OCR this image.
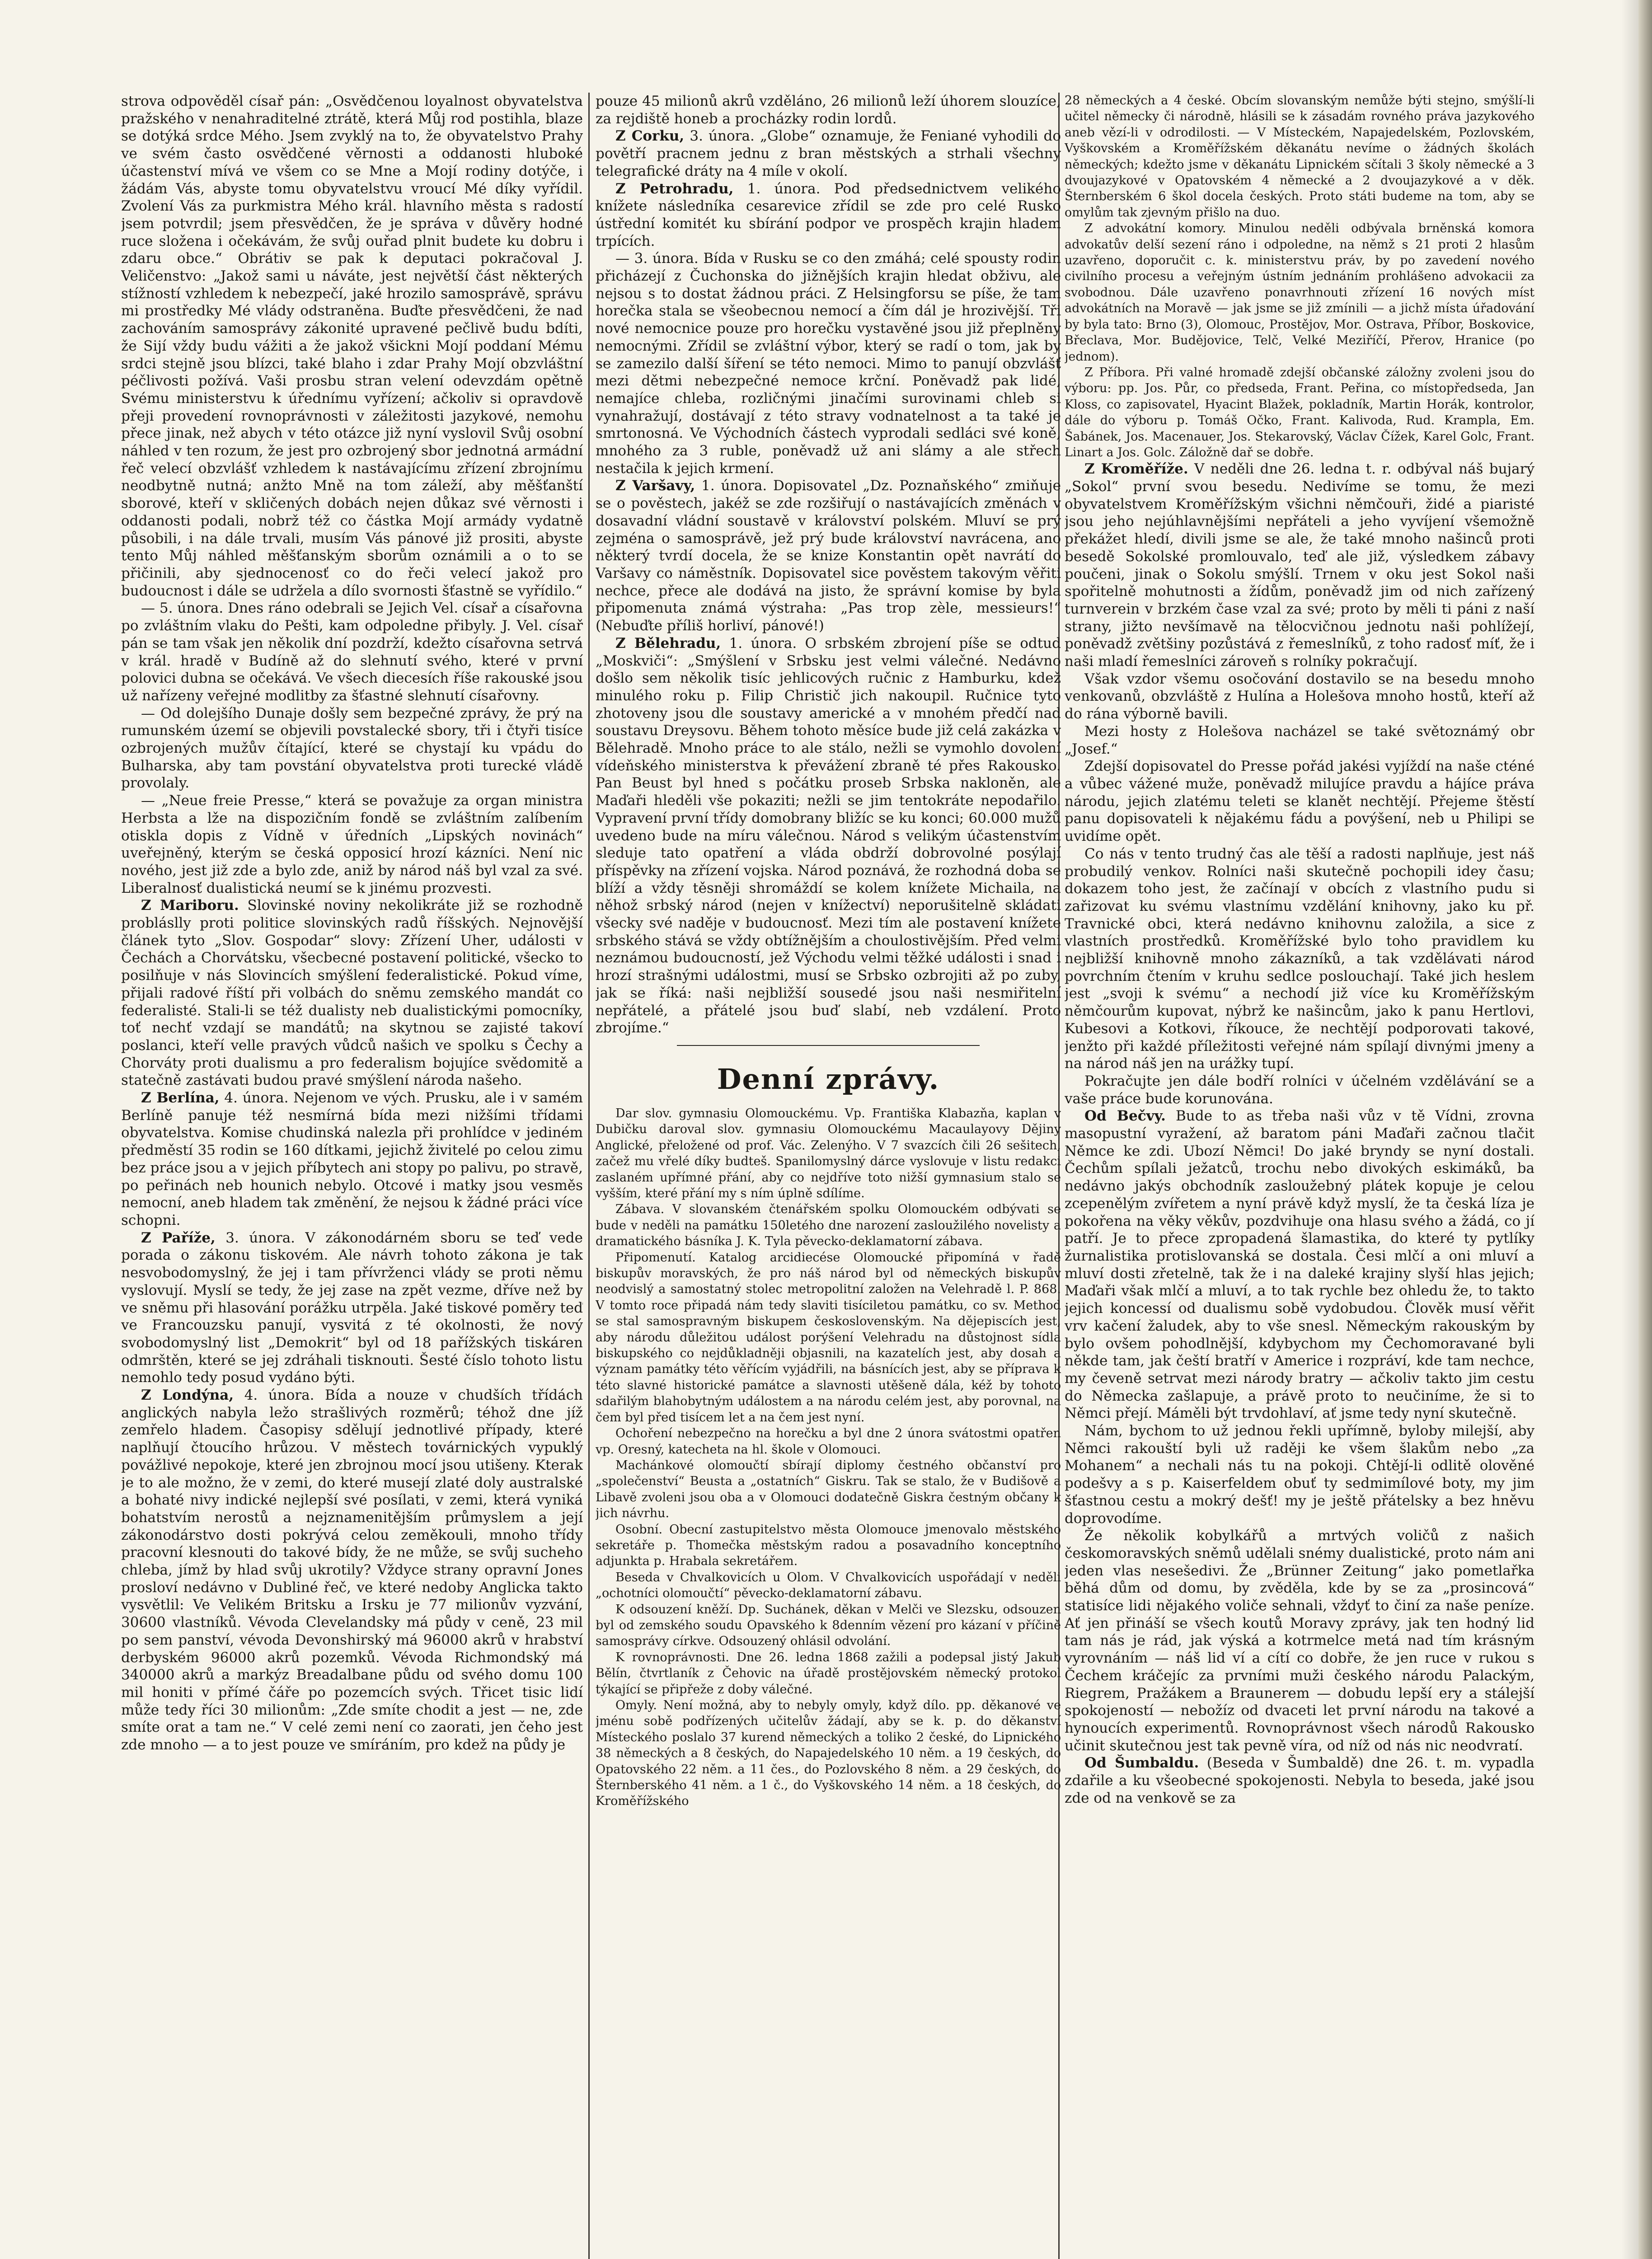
strova odpověděl císař pán: „Osvědčenou loyalnost obyvatelstva pražského v nenahraditelné ztrátě, která Můj rod postihla, blaze se dotýká srdce Mého. Jsem zvyklý na to, že obyvatelstvo Prahy ve svém často osvědčené věrnosti a oddanosti hluboké účastenství mívá ve všem co se Mne a Mojí rodiny dotýče, i žádám Vás, abyste tomu obyvatelstvu vroucí Mé díky vyřídil. Zvolení Vás za purkmistra Mého král. hlavního města s radostí jsem potvrdil; jsem přesvědčen, že je správa v důvěry hodné ruce složena i očekávám, že svůj ouřad plnit budete ku dobru i zdaru obce.“ Obrátiv se pak k deputaci pokračoval J. Veličenstvo: „Jakož sami u náváte, jest největší část některých stížností vzhledem k nebezpečí, jaké hrozilo samosprávě, správu mi prostředky Mé vlády odstraněna. Buďte přesvědčeni, že nad zachováním samosprávy zákonité upravené pečlivě budu bdíti, že Sijí vždy budu vážiti a že jakož všickni Mojí poddaní Mému srdci stejně jsou blízci, také blaho i zdar Prahy Mojí obzvláštní péčlivosti požívá. Vaši prosbu stran velení odevzdám opětně Svému ministerstvu k úřednímu vyřízení; ačkoliv si opravdově přeji provedení rovnoprávnosti v záležitosti jazykové, nemohu přece jinak, než abych v této otázce již nyní vyslovil Svůj osobní náhled v ten rozum, že jest pro ozbrojený sbor jednotná armádní řeč velecí obzvlášť vzhledem k nastávajícímu zřízení zbrojnímu neodbytně nutná; anžto Mně na tom záleží, aby měšťanští sborové, kteří v skličených dobách nejen důkaz své věrnosti i oddanosti podali, nobrž též co částka Mojí armády vydatně působili, i na dále trvali, musím Vás pánové již prositi, abyste tento Můj náhled měšťanským sborům oznámili a o to se přičinili, aby sjednocenosť co do řeči velecí jakož pro budoucnost i dále se udržela a dílo svornosti šťastně se vyřídilo.“

— 5. února. Dnes ráno odebrali se Jejich Vel. císař a císařovna po zvláštním vlaku do Pešti, kam odpoledne přibyly. J. Vel. císař pán se tam však jen několik dní pozdrží, kdežto císařovna setrvá v král. hradě v Budíně až do slehnutí svého, které v první polovici dubna se očekává. Ve všech diecesích říše rakouské jsou už nařízeny veřejné modlitby za šťastné slehnutí císařovny.

— Od dolejšího Dunaje došly sem bezpečné zprávy, že prý na rumunském území se objevili povstalecké sbory, tři i čtyři tisíce ozbrojených mužův čítající, které se chystají ku vpádu do Bulharska, aby tam povstání obyvatelstva proti turecké vládě provolaly.

— „Neue freie Presse,“ která se považuje za organ ministra Herbsta a lže na dispozičním fondě se zvláštním zalíbením otiskla dopis z Vídně v úředních „Lipských novinách“ uveřejněný, kterým se česká opposicí hrozí kázníci. Není nic nového, jest již zde a bylo zde, aniž by národ náš byl vzal za své. Liberalnosť dualistická neumí se k jinému prozvesti.

Z Mariboru. Slovinské noviny nekolikráte již se rozhodně probláslly proti politice slovinských radů říšských. Nejnovější článek tyto „Slov. Gospodar“ slovy: Zřízení Uher, události v Čechách a Chorvátsku, všecbecné postavení politické, všecko to posilňuje v nás Slovincích smýšlení federalistické. Pokud víme, přijali radové říští při volbách do sněmu zemského mandát co federalisté. Stali-li se též dualisty neb dualistickými pomocníky, toť nechť vzdají se mandátů; na skytnou se zajisté takoví poslanci, kteří velle pravých vůdců našich ve spolku s Čechy a Chorváty proti dualismu a pro federalism bojujíce svědomitě a statečně zastávati budou pravé smýšlení národa našeho.

Z Berlína, 4. února. Nejenom ve vých. Prusku, ale i v samém Berlíně panuje též nesmírná bída mezi nižšími třídami obyvatelstva. Komise chudinská nalezla při prohlídce v jediném předměstí 35 rodin se 160 dítkami, jejichž živitelé po celou zimu bez práce jsou a v jejich příbytech ani stopy po palivu, po stravě, po peřinách neb hounich nebylo. Otcové i matky jsou vesměs nemocní, aneb hladem tak změnění, že nejsou k žádné práci více schopni.

Z Paříže, 3. února. V zákonodárném sboru se teď vede porada o zákonu tiskovém. Ale návrh tohoto zákona je tak nesvobodomyslný, že jej i tam přívrženci vlády se proti němu vyslovují. Myslí se tedy, že jej zase na zpět vezme, dříve než by ve sněmu při hlasování porážku utrpěla. Jaké tiskové poměry teď ve Francouzsku panují, vysvitá z té okolnosti, že nový svobodomyslný list „Demokrit“ byl od 18 pařížských tiskáren odmrštěn, které se jej zdráhali tisknouti. Šesté číslo tohoto listu nemohlo tedy posud vydáno býti.

Z Londýna, 4. února. Bída a nouze v chudších třídách anglických nabyla ležo strašlivých rozměrů; téhož dne jíž zemřelo hladem. Časopisy sdělují jednotlivé případy, které naplňují čtoucího hrůzou. V městech továrnických vypuklý povážlivé nepokoje, které jen zbrojnou mocí jsou utišeny. Kterak je to ale možno, že v zemi, do které musejí zlaté doly australské a bohaté nivy indické nejlepší své posílati, v zemi, která vyniká bohatstvím nerostů a nejznamenitějším průmyslem a její zákonodárstvo dosti pokrývá celou zeměkouli, mnoho třídy pracovní klesnouti do takové bídy, že ne může, se svůj sucheho chleba, jímž by hlad svůj ukrotily? Vždyce strany opravní Jones prosloví nedávno v Dubliné řeč, ve které nedoby Anglicka takto vysvětlil: Ve Velikém Britsku a Irsku je 77 milionův vyzvání, 30600 vlastníků. Vévoda Clevelandsky má půdy v ceně, 23 mil po sem panství, vévoda Devonshirský má 96000 akrů v hrabství derbyském 96000 akrů pozemků. Vévoda Richmondský má 340000 akrů a markýz Breadalbane půdu od svého domu 100 mil honiti v přímé čáře po pozemcích svých. Třicet tisic lidí může tedy říci 30 milionům: „Zde smíte chodit a jest — ne, zde smíte orat a tam ne.“ V celé zemi není co zaorati, jen čeho jest zde mnoho — a to jest pouze ve smíráním, pro kdež na půdy je

pouze 45 milionů akrů vzděláno, 26 milionů leží úhorem slouzíce, za rejdiště honeb a procházky rodin lordů.

Z Corku, 3. února. „Globe“ oznamuje, že Feniané vyhodili do povětří pracnem jednu z bran městských a strhali všechny telegrafické dráty na 4 míle v okolí.

Z Petrohradu, 1. února. Pod předsednictvem velikého knížete následníka cesarevice zřídil se zde pro celé Rusko ústřední komitét ku sbírání podpor ve prospěch krajin hladem trpících.

— 3. února. Bída v Rusku se co den zmáhá; celé spousty rodin přicházejí z Čuchonska do jižnějších krajin hledat obživu, ale nejsou s to dostat žádnou práci. Z Helsingforsu se píše, že tam horečka stala se všeobecnou nemocí a čím dál je hrozivější. Tři nové nemocnice pouze pro horečku vystavěné jsou již přeplněny nemocnými. Zřídil se zvláštní výbor, který se radí o tom, jak by se zamezilo další šíření se této nemoci. Mimo to panují obzvlášť mezi dětmi nebezpečné nemoce krční. Poněvadž pak lidé, nemajíce chleba, rozličnými jinačími surovinami chleb si vynahražují, dostávají z této stravy vodnatelnost a ta také je smrtonosná. Ve Východních částech vyprodali sedláci své koně, mnohého za 3 ruble, poněvadž už ani slámy a ale střech nestačila k jejich krmení.

Z Varšavy, 1. února. Dopisovatel „Dz. Poznaňského“ zmiňuje se o pověstech, jakéž se zde rozšiřují o nastávajících změnách v dosavadní vládní soustavě v království polském. Mluví se prý zejména o samosprávě, jež prý bude království navrácena, ano některý tvrdí docela, že se knize Konstantin opět navrátí do Varšavy co náměstník. Dopisovatel sice pověstem takovým věřiti nechce, přece ale dodává na jisto, že správní komise by byla připomenuta známá výstraha: „Pas trop zèle, messieurs!“ (Nebuďte příliš horliví, pánové!)

Z Bělehradu, 1. února. O srbském zbrojení píše se odtud „Moskviči“: „Smýšlení v Srbsku jest velmi válečné. Nedávno došlo sem několik tisíc jehlicových ručnic z Hamburku, kdež minulého roku p. Filip Christič jich nakoupil. Ručnice tyto zhotoveny jsou dle soustavy americké a v mnohém předčí nad soustavu Dreysovu. Během tohoto měsíce bude již celá zakázka v Bělehradě. Mnoho práce to ale stálo, nežli se vymohlo dovolení vídeňského ministerstva k převážení zbraně té přes Rakousko. Pan Beust byl hned s počátku proseb Srbska nakloněn, ale Maďaři hleděli vše pokaziti; nežli se jim tentokráte nepodařilo. Vypravení první třídy domobrany bližíc se ku konci; 60.000 mužů uvedeno bude na míru válečnou. Národ s velikým účastenstvím sleduje tato opatření a vláda obdrží dobrovolné posýlají příspěvky na zřízení vojska. Národ poznává, že rozhodná doba se blíží a vždy těsněji shromáždí se kolem knížete Michaila, na něhož srbský národ (nejen v knížectví) neporušitelně skládati všecky své naděje v budoucnosť. Mezi tím ale postavení knížete srbského stává se vždy obtížnějším a choulostivějším. Před velmi neznámou budoucností, jež Východu velmi těžké události i snad i hrozí strašnými událostmi, musí se Srbsko ozbrojiti až po zuby, jak se říká: naši nejbližší sousedé jsou naši nesmiřitelní nepřátelé, a přátelé jsou buď slabí, neb vzdálení. Proto zbrojíme.“

Denní zprávy.

Dar slov. gymnasiu Olomouckému. Vp. Františka Klabazňa, kaplan v Dubičku daroval slov. gymnasiu Olomouckému Macaulayovy Dějiny Anglické, přeložené od prof. Vác. Zelenýho. V 7 svazcích čili 26 sešitech, začež mu vřelé díky budteš. Spanilomyslný dárce vyslovuje v listu redakci zaslaném upřímné přání, aby co nejdříve toto nižší gymnasium stalo se vyšším, které přání my s ním úplně sdílíme.

Zábava. V slovanském čtenářském spolku Olomouckém odbývati se bude v neděli na památku 150letého dne narození zasloužilého novelisty a dramatického básníka J. K. Tyla pěvecko-deklamatorní zábava.

Připomenutí. Katalog arcidiecése Olomoucké připomíná v řadě biskupův moravských, že pro náš národ byl od německých biskupův neodvislý a samostatný stolec metropolitní založen na Velehradě l. P. 868. V tomto roce připadá nám tedy slaviti tisíciletou památku, co sv. Method se stal samospravným biskupem československým. Na dějepiscích jest, aby národu důležitou událost porýšení Velehradu na důstojnost sídla biskupského co nejdůkladněji objasnili, na kazatelích jest, aby dosah a význam památky této věřícím vyjádřili, na básnících jest, aby se příprava k této slavné historické památce a slavnosti utěšeně dála, kéž by tohoto sdařilým blahobytným událostem a na národu celém jest, aby porovnal, na čem byl před tisícem let a na čem jest nyní.

Ochoření nebezpečno na horečku a byl dne 2 února svátostmi opatřen vp. Oresný, katecheta na hl. škole v Olomouci.

Machánkové olomoučtí sbírají diplomy čestného občanství pro „společenství“ Beusta a „ostatních“ Giskru. Tak se stalo, že v Budišově a Libavě zvoleni jsou oba a v Olomouci dodatečně Giskra čestným občany k jich návrhu.

Osobní. Obecní zastupitelstvo města Olomouce jmenovalo městského sekretáře p. Thomečka městským radou a posavadního konceptního adjunkta p. Hrabala sekretářem.

Beseda v Chvalkovicích u Olom. V Chvalkovicích uspořádají v neděli „ochotníci olomoučtí“ pěvecko-deklamatorní zábavu.

K odsouzení kněží. Dp. Suchánek, děkan v Melči ve Slezsku, odsouzen byl od zemského soudu Opavského k 8denním vězení pro kázaní v příčině samosprávy církve. Odsouzený ohlásil odvolání.

K rovnoprávnosti. Dne 26. ledna 1868 zažili a podepsal jistý Jakub Bělín, čtvrtlaník z Čehovic na úřadě prostějovském německý protokol týkající se připřeže z doby válečné.

Omyly. Není možná, aby to nebyly omyly, když dílo. pp. děkanové ve jménu sobě podřízených učitelův žádají, aby se k. p. do děkanství Místeckého poslalo 37 kurend německých a toliko 2 české, do Lipnického 38 německých a 8 českých, do Napajedelského 10 něm. a 19 českých, do Opatovského 22 něm. a 11 čes., do Pozlovského 8 něm. a 29 českých, do Šternberského 41 něm. a 1 č., do Vyškovského 14 něm. a 18 českých, do Kroměřížského

28 německých a 4 české. Obcím slovanským nemůže býti stejno, smýšlí-li učitel německy či národně, hlásili se k zásadám rovného práva jazykového aneb vězí-li v odrodilosti. — V Místeckém, Napajedelském, Pozlovském, Vyškovském a Kroměřížském děkanátu nevíme o žádných školách německých; kdežto jsme v děkanátu Lipnickém sčítali 3 školy německé a 3 dvoujazykové v Opatovském 4 německé a 2 dvoujazykové a v děk. Šternberském 6 škol docela českých. Proto státi budeme na tom, aby se omylům tak zjevným přišlo na duo.

Z advokátní komory. Minulou neděli odbývala brněnská komora advokatův delší sezení ráno i odpoledne, na němž s 21 proti 2 hlasům uzavřeno, doporučit c. k. ministerstvu práv, by po zavedení nového civilního procesu a veřejným ústním jednáním prohlášeno advokacii za svobodnou. Dále uzavřeno ponavrhnouti zřízení 16 nových míst advokátních na Moravě — jak jsme se již zmínili — a jichž místa úřadování by byla tato: Brno (3), Olomouc, Prostějov, Mor. Ostrava, Příbor, Boskovice, Břeclava, Mor. Budějovice, Telč, Velké Meziříčí, Přerov, Hranice (po jednom).

Z Příbora. Při valné hromadě zdejší občanské záložny zvoleni jsou do výboru: pp. Jos. Půr, co předseda, Frant. Peřina, co místopředseda, Jan Kloss, co zapisovatel, Hyacint Blažek, pokladník, Martin Horák, kontrolor, dále do výboru p. Tomáš Očko, Frant. Kalivoda, Rud. Krampla, Em. Šabánek, Jos. Macenauer, Jos. Stekarovský, Václav Čížek, Karel Golc, Frant. Linart a Jos. Golc. Záložně dař se dobře.

Z Kroměříže. V neděli dne 26. ledna t. r. odbýval náš bujarý „Sokol“ první svou besedu. Nedivíme se tomu, že mezi obyvatelstvem Kroměřížským všichni němčouři, židé a piaristé jsou jeho nejúhlavnějšími nepřáteli a jeho vyvíjení všemožně překážet hledí, divili jsme se ale, že také mnoho našinců proti besedě Sokolské promlouvalo, teď ale již, výsledkem zábavy poučeni, jinak o Sokolu smýšlí. Trnem v oku jest Sokol naši spořitelně mohutnosti a žídům, poněvadž jim od nich zařízený turnverein v brzkém čase vzal za své; proto by měli ti páni z naší strany, jižto nevšímavě na tělocvičnou jednotu naši pohlížejí, poněvadž zvětšiny pozůstává z řemeslníků, z toho radosť míť, že i naši mladí řemeslníci zároveň s rolníky pokračují.

Však vzdor všemu osočování dostavilo se na besedu mnoho venkovanů, obzvláště z Hulína a Holešova mnoho hostů, kteří až do rána výborně bavili.

Mezi hosty z Holešova nacházel se také světoznámý obr „Josef.“

Zdejší dopisovatel do Presse pořád jakési vyjíždí na naše cténé a vůbec vážené muže, poněvadž milujíce pravdu a hájíce práva národu, jejich zlatému teleti se klanět nechtějí. Přejeme štěstí panu dopisovateli k nějakému fádu a povýšení, neb u Philipi se uvidíme opět.

Co nás v tento trudný čas ale těší a radosti naplňuje, jest náš probudilý venkov. Rolníci naši skutečně pochopili idey času; dokazem toho jest, že začínají v obcích z vlastního pudu si zařizovat ku svému vlastnímu vzdělání knihovny, jako ku př. Travnické obci, která nedávno knihovnu založila, a sice z vlastních prostředků. Kroměřížské bylo toho pravidlem ku nejbližší knihovně mnoho zákazníků, a tak vzdělávati národ povrchním čtením v kruhu sedlce poslouchají. Také jich heslem jest „svoji k svému“ a nechodí již více ku Kroměřížským němčourům kupovat, nýbrž ke našincům, jako k panu Hertlovi, Kubesovi a Kotkovi, říkouce, že nechtějí podporovati takové, jenžto při každé příležitosti veřejné nám spílají divnými jmeny a na národ náš jen na urážky tupí.

Pokračujte jen dále bodří rolníci v účelném vzdělávání se a vaše práce bude korunována.

Od Bečvy. Bude to as třeba naši vůz v tě Vídni, zrovna masopustní vyražení, až baratom páni Maďaři začnou tlačit Němce ke zdi. Ubozí Němci! Do jaké bryndy se nyní dostali. Čechům spílali ježatců, trochu nebo divokých eskimáků, ba nedávno jakýs obchodník zasloužebný plátek kopuje je celou zcepenělým zvířetem a nyní právě když myslí, že ta česká líza je pokořena na věky věkův, pozdvihuje ona hlasu svého a žádá, co jí patří. Je to přece zpropadená šlamastika, do které ty pytlíky žurnalistika protislovanská se dostala. Česi mlčí a oni mluví a mluví dosti zřetelně, tak že i na daleké krajiny slyší hlas jejich; Maďaři však mlčí a mluví, a to tak rychle bez ohledu že, to takto jejich koncessí od dualismu sobě vydobudou. Člověk musí věřit vrv kačení žaludek, aby to vše snesl. Německým rakouským by bylo ovšem pohodlnější, kdybychom my Čechomoravané byli někde tam, jak čeští bratří v Americe i rozpráví, kde tam nechce, my čeveně setrvat mezi národy bratry — ačkoliv takto jim cestu do Německa zašlapuje, a právě proto to neučiníme, že si to Němci přejí. Máměli být trvdohlaví, ať jsme tedy nyní skutečně.

Nám, bychom to už jednou řekli upřímně, byloby milejší, aby Němci rakouští byli už raději ke všem šlakům nebo „za Mohanem“ a nechali nás tu na pokoji. Chtějí-li odlitě olověné podešvy a s p. Kaiserfeldem obuť ty sedmimílové boty, my jim šťastnou cestu a mokrý dešť! my je ještě přátelsky a bez hněvu doprovodíme.

Že několik kobylkářů a mrtvých voličů z našich českomoravských sněmů udělali snémy dualistické, proto nám ani jeden vlas nesešedivi. Že „Brünner Zeitung“ jako pometlařka běhá dům od domu, by zvěděla, kde by se za „prosincová“ statisíce lidi nějakého voliče sehnali, vždyť to činí za naše peníze. Ať jen přináší se všech koutů Moravy zprávy, jak ten hodný lid tam nás je rád, jak výská a kotrmelce metá nad tím krásným vyrovnáním — náš lid ví a cítí co dobře, že jen ruce v rukou s Čechem kráčejíc za prvními muži českého národu Palackým, Riegrem, Pražákem a Braunerem — dobudu lepší ery a stálejší spokojeností — nebožíz od dvaceti let první národu na takové a hynoucích experimentů. Rovnoprávnost všech národů Rakousko učinit skutečnou jest tak pevně víra, od níž od nás nic neodvratí.

Od Šumbaldu. (Beseda v Šumbaldě) dne 26. t. m. vypadla zdařile a ku všeobecné spokojenosti. Nebyla to beseda, jaké jsou zde od na venkově se za
